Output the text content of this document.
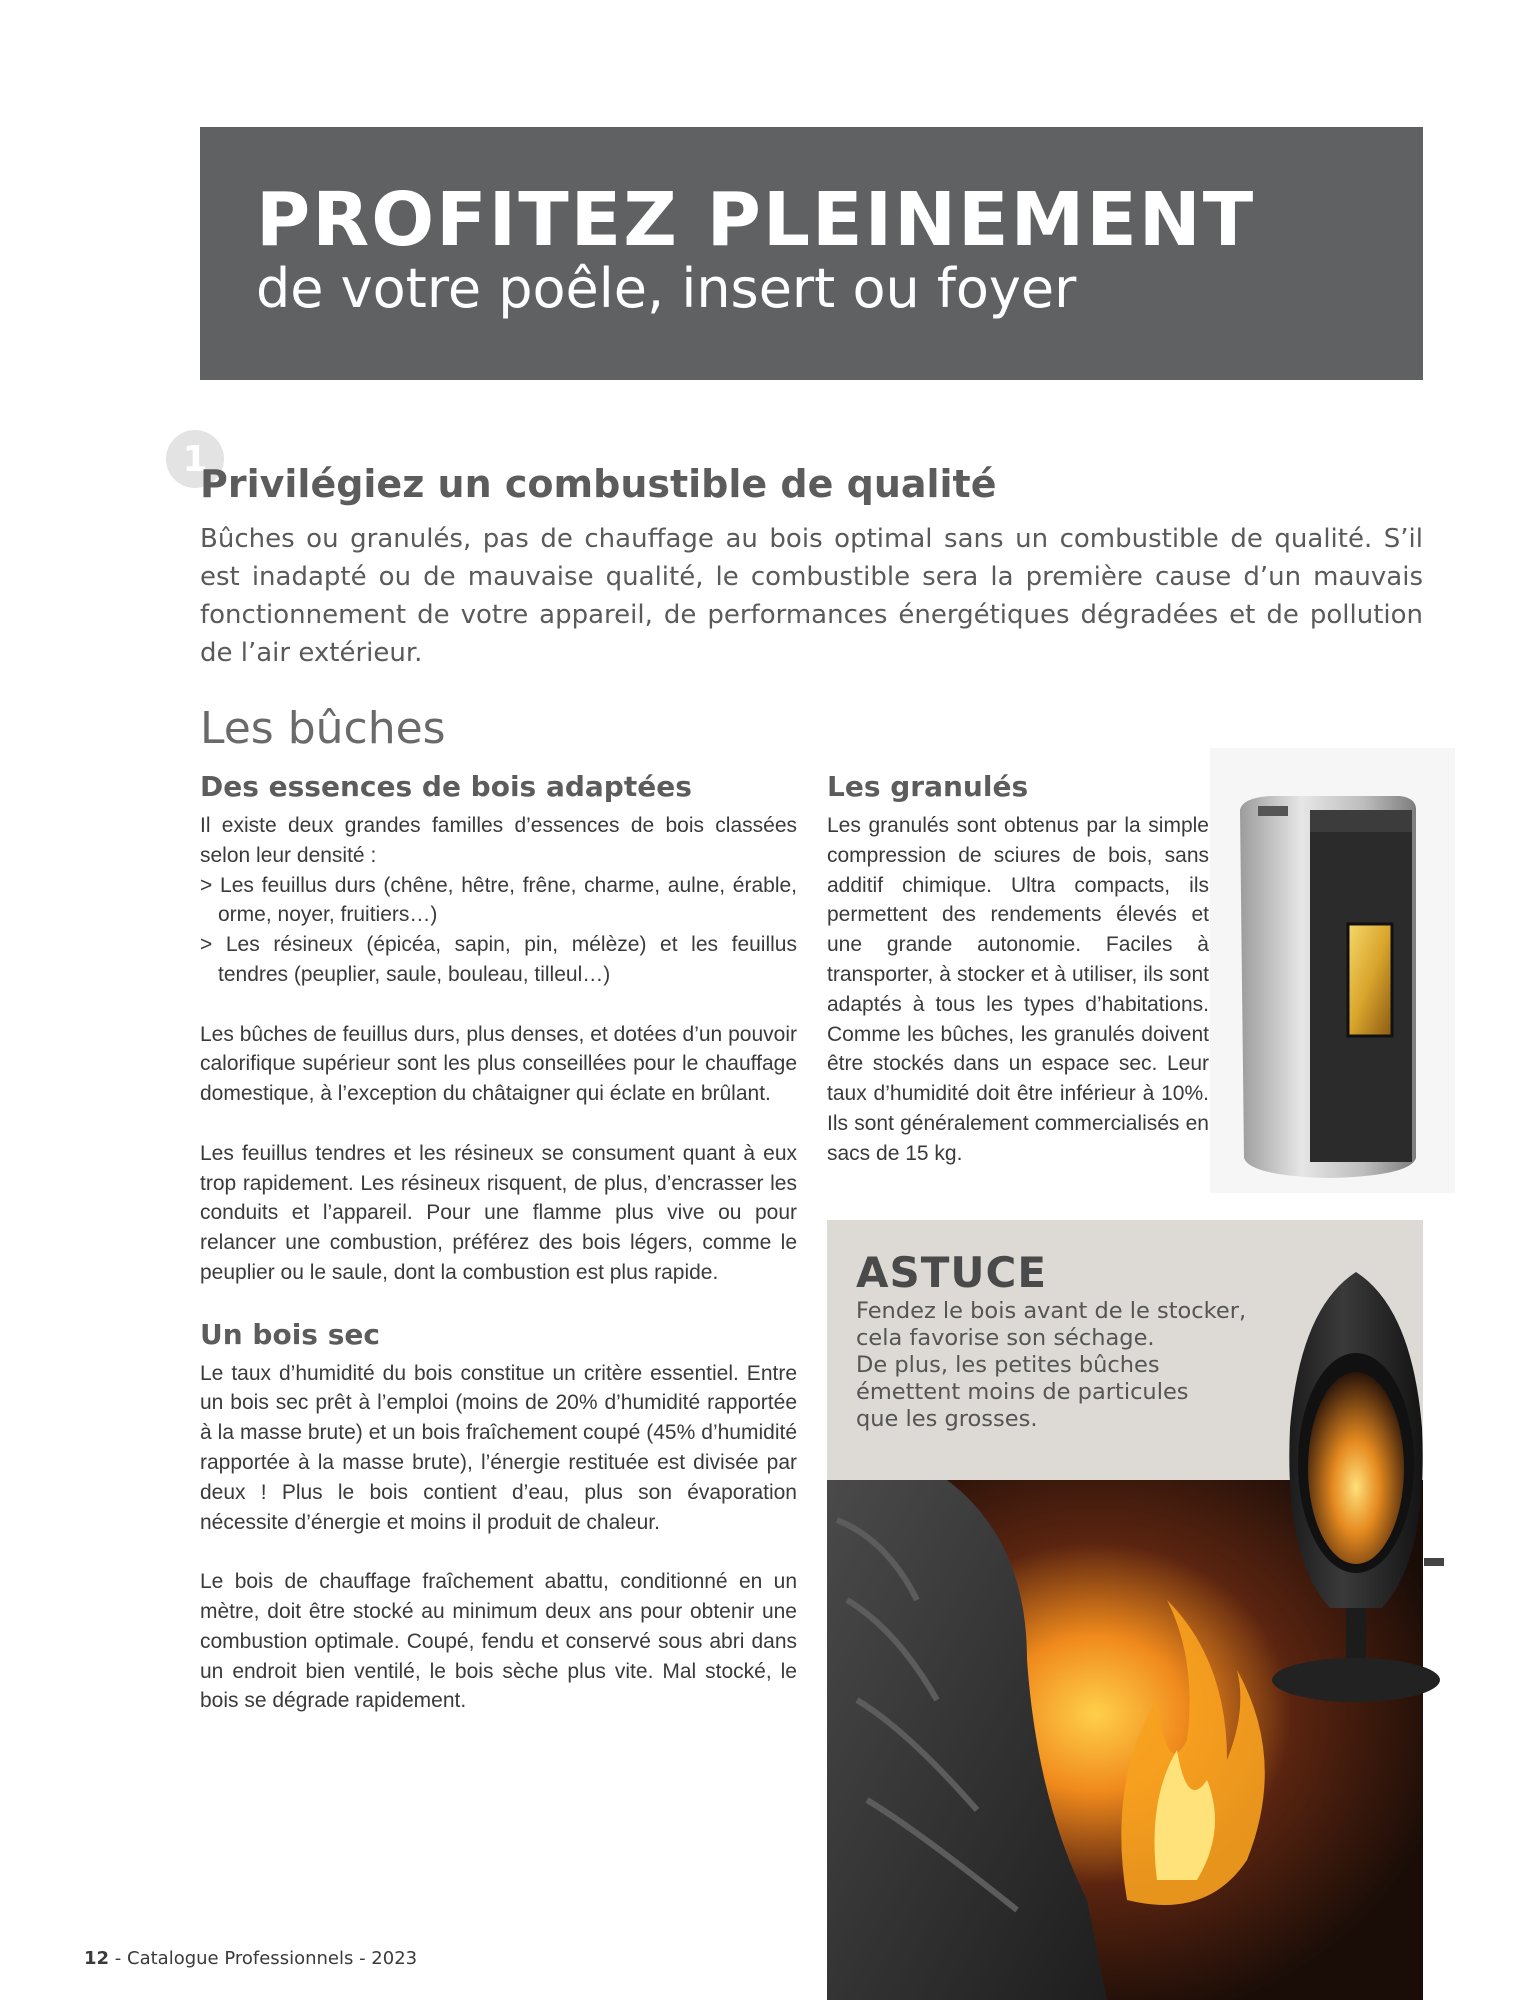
PROFITEZ PLEINEMENT
de votre poêle, insert ou foyer
1
Privilégiez un combustible de qualité

Bûches ou granulés, pas de chauffage au bois optimal sans un combustible de qualité. S’il est inadapté ou de mauvaise qualité, le combustible sera la première cause d’un mauvais fonctionnement de votre appareil, de performances énergétiques dégradées et de pollution de l’air extérieur.

Les bûches
Des essences de bois adaptées
Il existe deux grandes familles d’essences de bois classées selon leur densité :
> Les feuillus durs (chêne, hêtre, frêne, charme, aulne, érable, orme, noyer, fruitiers…)
> Les résineux (épicéa, sapin, pin, mélèze) et les feuillus tendres (peuplier, saule, bouleau, tilleul…)

Les bûches de feuillus durs, plus denses, et dotées d’un pouvoir calorifique supérieur sont les plus conseillées pour le chauffage domestique, à l’exception du châtaigner qui éclate en brûlant.

Les feuillus tendres et les résineux se consument quant à eux trop rapidement. Les résineux risquent, de plus, d’encrasser les conduits et l’appareil. Pour une flamme plus vive ou pour relancer une combustion, préférez des bois légers, comme le peuplier ou le saule, dont la combustion est plus rapide.

Un bois sec

Le taux d’humidité du bois constitue un critère essentiel. Entre un bois sec prêt à l’emploi (moins de 20% d’humidité rapportée à la masse brute) et un bois fraîchement coupé (45% d’humidité rapportée à la masse brute), l’énergie restituée est divisée par deux ! Plus le bois contient d’eau, plus son évaporation nécessite d’énergie et moins il produit de chaleur.

Le bois de chauffage fraîchement abattu, conditionné en un mètre, doit être stocké au minimum deux ans pour obtenir une combustion optimale. Coupé, fendu et conservé sous abri dans un endroit bien ventilé, le bois sèche plus vite. Mal stocké, le bois se dégrade rapidement.

Les granulés

Les granulés sont obtenus par la simple compression de sciures de bois, sans additif chimique. Ultra compacts, ils permettent des rendements élevés et une grande autonomie. Faciles à transporter, à stocker et à utiliser, ils sont adaptés à tous les types d’habitations. Comme les bûches, les granulés doivent être stockés dans un espace sec. Leur taux d’humidité doit être inférieur à 10%. Ils sont généralement commercialisés en sacs de 15 kg.

ASTUCE

Fendez le bois avant de le stocker,
cela favorise son séchage.
De plus, les petites bûches
émettent moins de particules
que les grosses.

12 - Catalogue Professionnels - 2023
